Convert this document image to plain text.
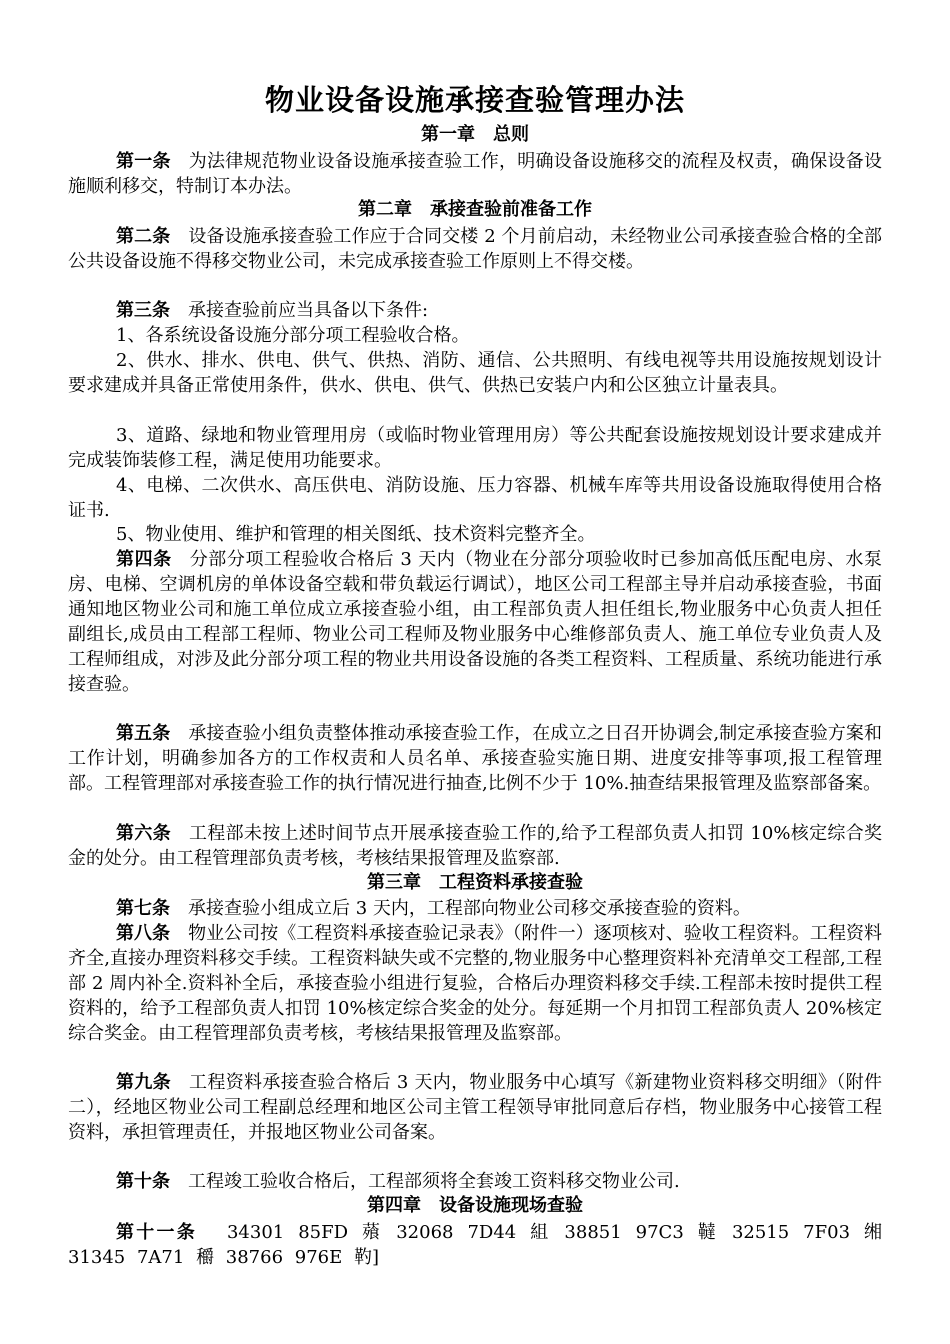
物业设备设施承接查验管理办法
第一章　总则

第一条 为法律规范物业设备设施承接查验工作，明确设备设施移交的流程及权责，确保设备设施顺利移交，特制订本办法。

第二章　承接查验前准备工作

第二条 设备设施承接查验工作应于合同交楼 2 个月前启动，未经物业公司承接查验合格的全部公共设备设施不得移交物业公司，未完成承接查验工作原则上不得交楼。

第三条 承接查验前应当具备以下条件:

1、各系统设备设施分部分项工程验收合格。

2、供水、排水、供电、供气、供热、消防、通信、公共照明、有线电视等共用设施按规划设计要求建成并具备正常使用条件，供水、供电、供气、供热已安装户内和公区独立计量表具。

3、道路、绿地和物业管理用房（或临时物业管理用房）等公共配套设施按规划设计要求建成并完成装饰装修工程，满足使用功能要求。

4、电梯、二次供水、高压供电、消防设施、压力容器、机械车库等共用设备设施取得使用合格证书.

5、物业使用、维护和管理的相关图纸、技术资料完整齐全。

第四条 分部分项工程验收合格后 3 天内（物业在分部分项验收时已参加高低压配电房、水泵房、电梯、空调机房的单体设备空载和带负载运行调试），地区公司工程部主导并启动承接查验，书面通知地区物业公司和施工单位成立承接查验小组，由工程部负责人担任组长,物业服务中心负责人担任副组长,成员由工程部工程师、物业公司工程师及物业服务中心维修部负责人、施工单位专业负责人及工程师组成，对涉及此分部分项工程的物业共用设备设施的各类工程资料、工程质量、系统功能进行承接查验。

第五条 承接查验小组负责整体推动承接查验工作，在成立之日召开协调会,制定承接查验方案和工作计划，明确参加各方的工作权责和人员名单、承接查验实施日期、进度安排等事项,报工程管理部。工程管理部对承接查验工作的执行情况进行抽查,比例不少于 10%.抽查结果报管理及监察部备案。

第六条 工程部未按上述时间节点开展承接查验工作的,给予工程部负责人扣罚 10%核定综合奖金的处分。由工程管理部负责考核，考核结果报管理及监察部.

第三章　工程资料承接查验

第七条 承接查验小组成立后 3 天内，工程部向物业公司移交承接查验的资料。

第八条 物业公司按《工程资料承接查验记录表》（附件一）逐项核对、验收工程资料。工程资料齐全,直接办理资料移交手续。工程资料缺失或不完整的,物业服务中心整理资料补充清单交工程部,工程部 2 周内补全.资料补全后，承接查验小组进行复验，合格后办理资料移交手续.工程部未按时提供工程资料的，给予工程部负责人扣罚 10%核定综合奖金的处分。每延期一个月扣罚工程部负责人 20%核定综合奖金。由工程管理部负责考核，考核结果报管理及监察部。

第九条 工程资料承接查验合格后 3 天内，物业服务中心填写《新建物业资料移交明细》（附件二），经地区物业公司工程副总经理和地区公司主管工程领导审批同意后存档，物业服务中心接管工程资料，承担管理责任，并报地区物业公司备案。

第十条 工程竣工验收合格后，工程部须将全套竣工资料移交物业公司.

第四章　设备设施现场查验

第十一条 34301 85FD 薞 32068 7D44 組 38851 97C3 韃 32515 7F03 缃 31345 7A71 穱 38766 976E 靮]
